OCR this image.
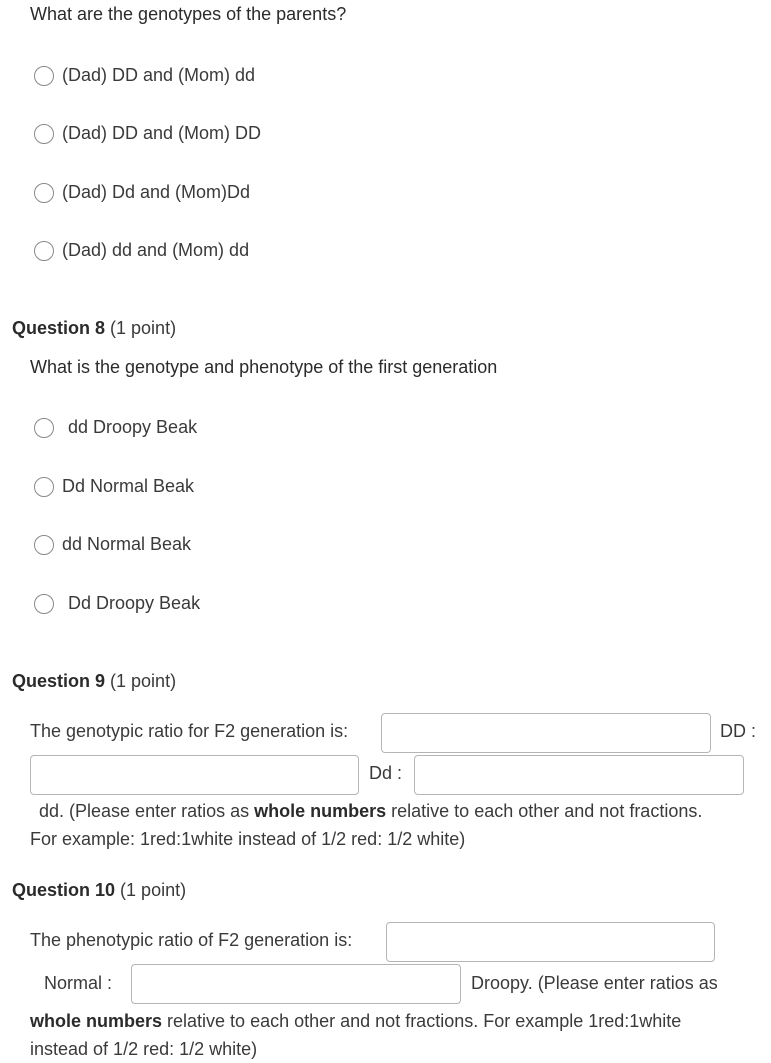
What are the genotypes of the parents?
(Dad) DD and (Mom) dd
(Dad) DD and (Mom) DD
(Dad) Dd and (Mom)Dd
(Dad) dd and (Mom) dd
Question 8 (1 point)
What is the genotype and phenotype of the first generation
dd Droopy Beak
Dd Normal Beak
dd Normal Beak
Dd Droopy Beak
Question 9 (1 point)
The genotypic ratio for F2 generation is:	DD :
Dd :
dd. (Please enter ratios as whole numbers relative to each other and not fractions.
For example: 1red:1white instead of 1/2 red: 1/2 white)
Question 10 (1 point)
The phenotypic ratio of F2 generation is:
Normal :	Droopy. (Please enter ratios as
whole numbers relative to each other and not fractions. For example 1red:1white
instead of 1/2 red: 1/2 white)
